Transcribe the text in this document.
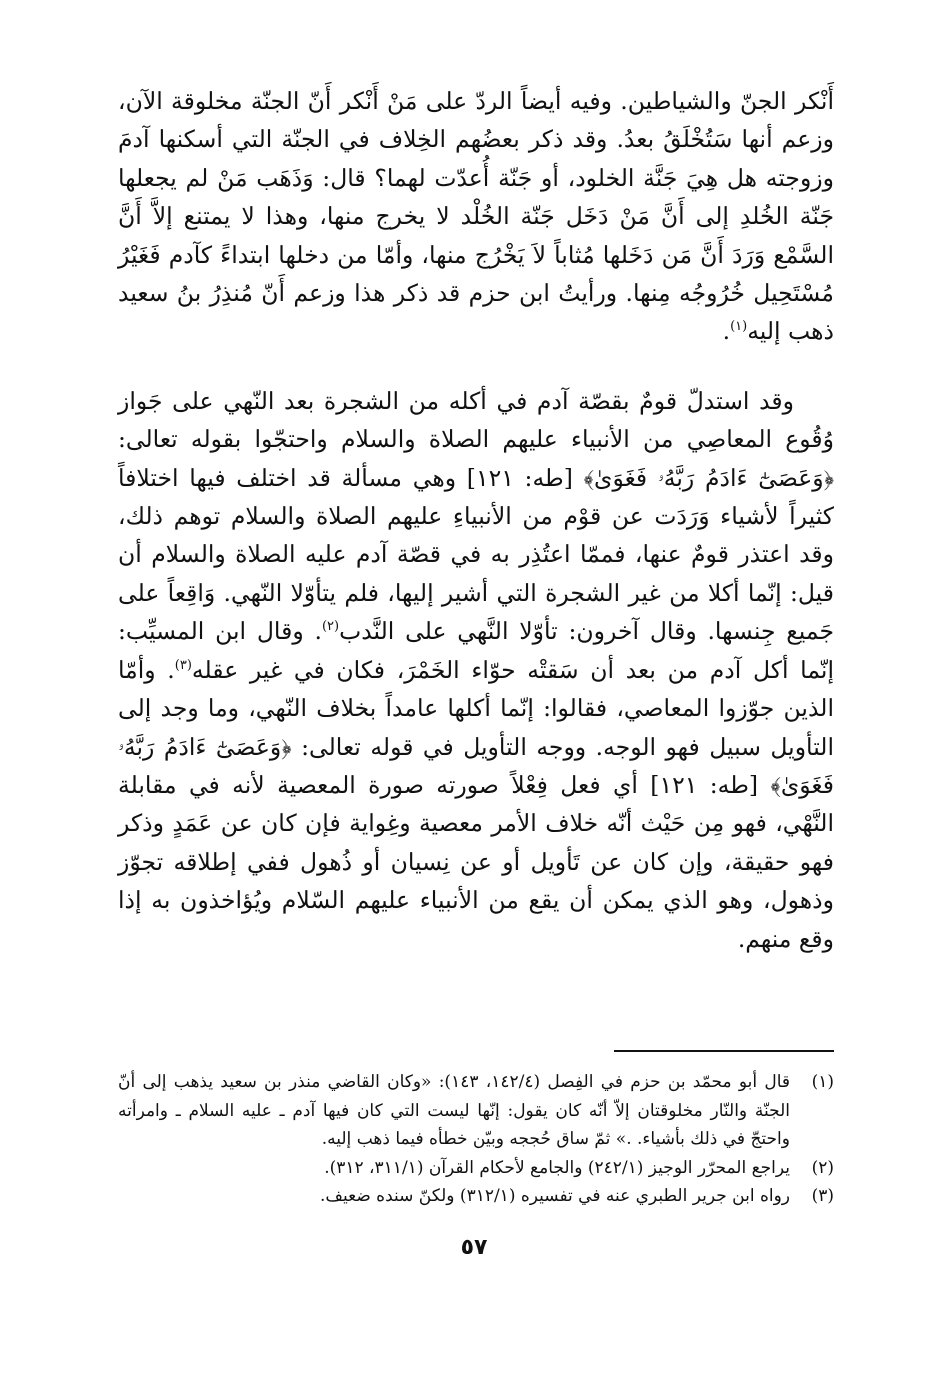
أَنْكر الجنّ والشياطين. وفيه أيضاً الردّ على مَنْ أَنْكر أَنّ الجنّة مخلوقة الآن، وزعم أنها سَتُخْلَقُ بعدُ. وقد ذكر بعضُهم الخِلاف في الجنّة التي أسكنها آدمَ وزوجته هل هِيَ جَنَّة الخلود، أو جَنّة أُعدّت لهما؟ قال: وَذَهَب مَنْ لم يجعلها جَنّة الخُلدِ إلى أَنَّ مَنْ دَخَل جَنّة الخُلْد لا يخرج منها، وهذا لا يمتنع إلاَّ أَنَّ السَّمْع وَرَدَ أَنَّ مَن دَخَلها مُثاباً لاَ يَخْرُج منها، وأمّا من دخلها ابتداءً كآدم فَغَيْرُ مُسْتَحِيل خُرُوجُه مِنها. ورأيتُ ابن حزم قد ذكر هذا وزعم أَنّ مُنذِرُ بنُ سعيد ذهب إليه$^{(١)}$.

وقد استدلّ قومٌ بقصّة آدم في أكله من الشجرة بعد النّهي على جَواز وُقُوع المعاصِي من الأنبياء عليهم الصلاة والسلام واحتجّوا بقوله تعالى: ﴿وَعَصَىٰٓ ءَادَمُ رَبَّهُۥ فَغَوَىٰ﴾ [طه: ١٢١] وهي مسألة قد اختلف فيها اختلافاً كثيراً لأشياء وَرَدَت عن قوْم من الأنبياءِ عليهم الصلاة والسلام توهم ذلك، وقد اعتذر قومٌ عنها، فممّا اعتُذِر به في قصّة آدم عليه الصلاة والسلام أن قيل: إنّما أكلا من غير الشجرة التي أشير إليها، فلم يتأوّلا النّهي. وَاقِعاً على جَميع جِنسها. وقال آخرون: تأوّلا النَّهي على النَّدب$^{(٢)}$. وقال ابن المسيِّب: إنّما أكل آدم من بعد أن سَقتْه حوّاء الخَمْرَ، فكان في غير عقله$^{(٣)}$. وأمّا الذين جوّزوا المعاصي، فقالوا: إنّما أكلها عامداً بخلاف النّهي، وما وجد إلى التأويل سبيل فهو الوجه. ووجه التأويل في قوله تعالى: ﴿وَعَصَىٰٓ ءَادَمُ رَبَّهُۥ فَغَوَىٰ﴾ [طه: ١٢١] أي فعل فِعْلاً صورته صورة المعصية لأنه في مقابلة النَّهْي، فهو مِن حَيْث أنّه خلاف الأمر معصية وغِواية فإن كان عن عَمَدٍ وذكر فهو حقيقة، وإن كان عن تَأويل أو عن نِسيان أو ذُهول ففي إطلاقه تجوّز وذهول، وهو الذي يمكن أن يقع من الأنبياء عليهم السّلام ويُؤاخذون به إذا وقع منهم.

(١)
قال أبو محمّد بن حزم في الفِصل (١٤٢/٤، ١٤٣): «وكان القاضي منذر بن سعيد يذهب إلى أنّ الجنّة والنّار مخلوقتان إلاّ أنّه كان يقول: إنّها ليست التي كان فيها آدم ـ عليه السلام ـ وامرأته واحتجّ في ذلك بأشياء. .» ثمّ ساق حُججه وبيّن خطأه فيما ذهب إليه.
(٢)
يراجع المحرّر الوجيز (٢٤٢/١) والجامع لأحكام القرآن (٣١١/١، ٣١٢).
(٣)
رواه ابن جرير الطبري عنه في تفسيره (٣١٢/١) ولكنّ سنده ضعيف.
٥٧
